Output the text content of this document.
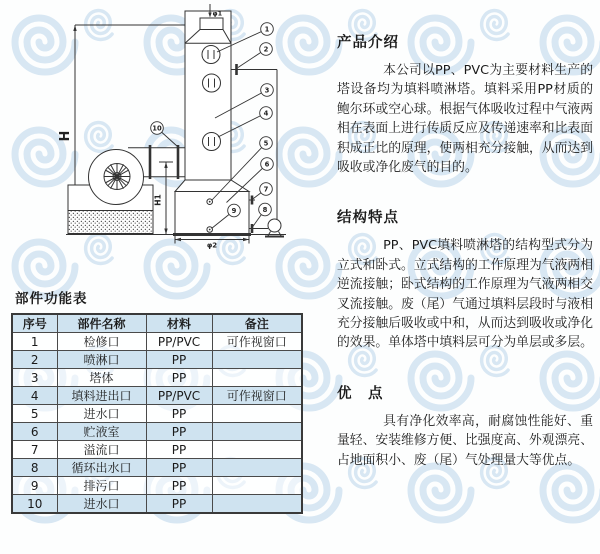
H
φ1
H1
φ2
1
2
3
4
5
6
7
8
9
10
部件功能表
序号	部件名称	材料	备注
1	检修口	PP/PVC	可作视窗口
2	喷淋口	PP	
3	塔体	PP	
4	填料进出口	PP/PVC	可作视窗口
5	进水口	PP	
6	贮液室	PP	
7	溢流口	PP	
8	循环出水口	PP	
9	排污口	PP	
10	进水口	PP	
产品介绍

本公司以PP、PVC为主要材料生产的塔设备均为填料喷淋塔。填料采用PP材质的鲍尔环或空心球。根据气体吸收过程中气液两相在表面上进行传质反应及传递速率和比表面积成正比的原理，使两相充分接触，从而达到吸收或净化废气的目的。

结构特点

PP、PVC填料喷淋塔的结构型式分为立式和卧式。立式结构的工作原理为气液两相逆流接触；卧式结构的工作原理为气液两相交叉流接触。废（尾）气通过填料层段时与液相充分接触后吸收或中和，从而达到吸收或净化的效果。单体塔中填料层可分为单层或多层。

优　点

具有净化效率高，耐腐蚀性能好、重量轻、安装维修方便、比强度高、外观漂亮、占地面积小、废（尾）气处理量大等优点。
